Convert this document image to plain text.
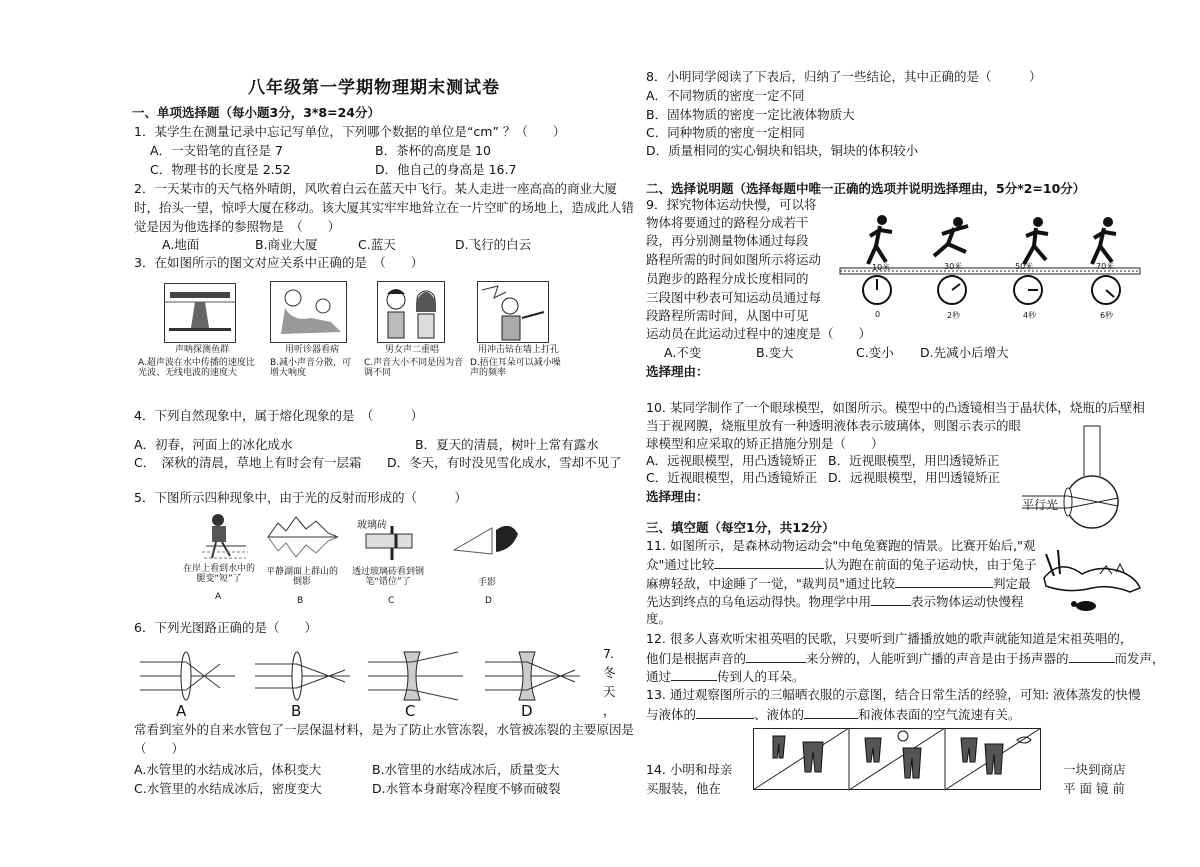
八年级第一学期物理期末测试卷
一、单项选择题（每小题3分，3*8=24分）
1．某学生在测量记录中忘记写单位，下列哪个数据的单位是“cm” ？（　　）
A．一支铅笔的直径是 7	B．茶杯的高度是 10
C．物理书的长度是 2.52	D．他自己的身高是 16.7
2．一天某市的天气格外晴朗，风吹着白云在蓝天中飞行。某人走进一座高高的商业大厦
时，抬头一望，惊呼大厦在移动。该大厦其实牢牢地耸立在一片空旷的场地上，造成此人错
觉是因为他选择的参照物是　（　　）
A.地面	B.商业大厦	C.蓝天	D.飞行的白云
3．在如图所示的图文对应关系中正确的是　（　　）
声呐探测鱼群	用听诊器看病	男女声二重唱	用冲击钻在墙上打孔
A.超声波在水中传播的速度比光波、无线电波的速度大
B.减小声音分散，可增大响度
C.声音大小不同是因为音调不同
D.捂住耳朵可以减小噪声的频率
4．下列自然现象中，属于熔化现象的是　（　　　）
A．初春，河面上的冰化成水	B．夏天的清晨，树叶上常有露水
C．　深秋的清晨，草地上有时会有一层霜 D．冬天，有时没见雪化成水，雪却不见了
5．下图所示四种现象中，由于光的反射而形成的（　　　）
玻璃砖
在岸上看到水中的腿变“短”了
平静湖面上群山的倒影
透过玻璃砖看到钢笔“错位”了	手影
A	B	C	D
6．下列光图路正确的是（　　）
A	B	C	D
7 .
冬
天
，
常看到室外的自来水管包了一层保温材料，是为了防止水管冻裂，水管被冻裂的主要原因是
（　　）
A.水管里的水结成冰后，体积变大	B.水管里的水结成冰后，质量变大
C.水管里的水结成冰后，密度变大	D.水管本身耐寒冷程度不够而破裂
8．小明同学阅读了下表后，归纳了一些结论，其中正确的是（　　　）
A．不同物质的密度一定不同
B．固体物质的密度一定比液体物质大
C．同种物质的密度一定相同
D．质量相同的实心铜块和铝块，铜块的体积较小
二、选择说明题（选择每题中唯一正确的选项并说明选择理由，5分*2=10分）
9．探究物体运动快慢，可以将
物体将要通过的路程分成若干
段，再分别测量物体通过每段
路程所需的时间如图所示将运动
员跑步的路程分成长度相同的
三段图中秒表可知运动员通过每
段路程所需时间，从图中可见
运动员在此运动过程中的速度是（　　）
A.不变	B.变大	C.变小 D.先减小后增大
选择理由：
10米	30米	50米	70米
0	2秒	4秒	6秒
10. 某同学制作了一个眼球模型，如图所示。模型中的凸透镜相当于晶状体，烧瓶的后壁相
当于视网膜，烧瓶里放有一种透明液体表示玻璃体，则图示表示的眼
球模型和应采取的矫正措施分别是（　　）
A．远视眼模型，用凸透镜矫正 B．近视眼模型，用凹透镜矫正
C．近视眼模型，用凸透镜矫正 D．远视眼模型，用凹透镜矫正
选择理由：
平行光
三、填空题（每空1分，共12分）
11. 如图所示，是森林动物运动会"中龟兔赛跑的情景。比赛开始后,"观
众"通过比较	认为跑在前面的兔子运动快，由于兔子
麻痹轻敌，中途睡了一觉，"裁判员"通过比较	判定最
先达到终点的乌龟运动得快。物理学中用	表示物体运动快慢程
度。
12. 很多人喜欢听宋祖英唱的民歌，只要听到广播播放她的歌声就能知道是宋祖英唱的，
他们是根据声音的	来分辨的，人能听到广播的声音是由于扬声器的	而发声，
通过	传到人的耳朵。
13. 通过观察图所示的三幅晒衣服的示意图，结合日常生活的经验，可知: 液体蒸发的快慢
与液体的	、液体的	和液体表面的空气流速有关。
14. 小明和母亲	一块到商店
买服装，他在	平 面 镜 前
